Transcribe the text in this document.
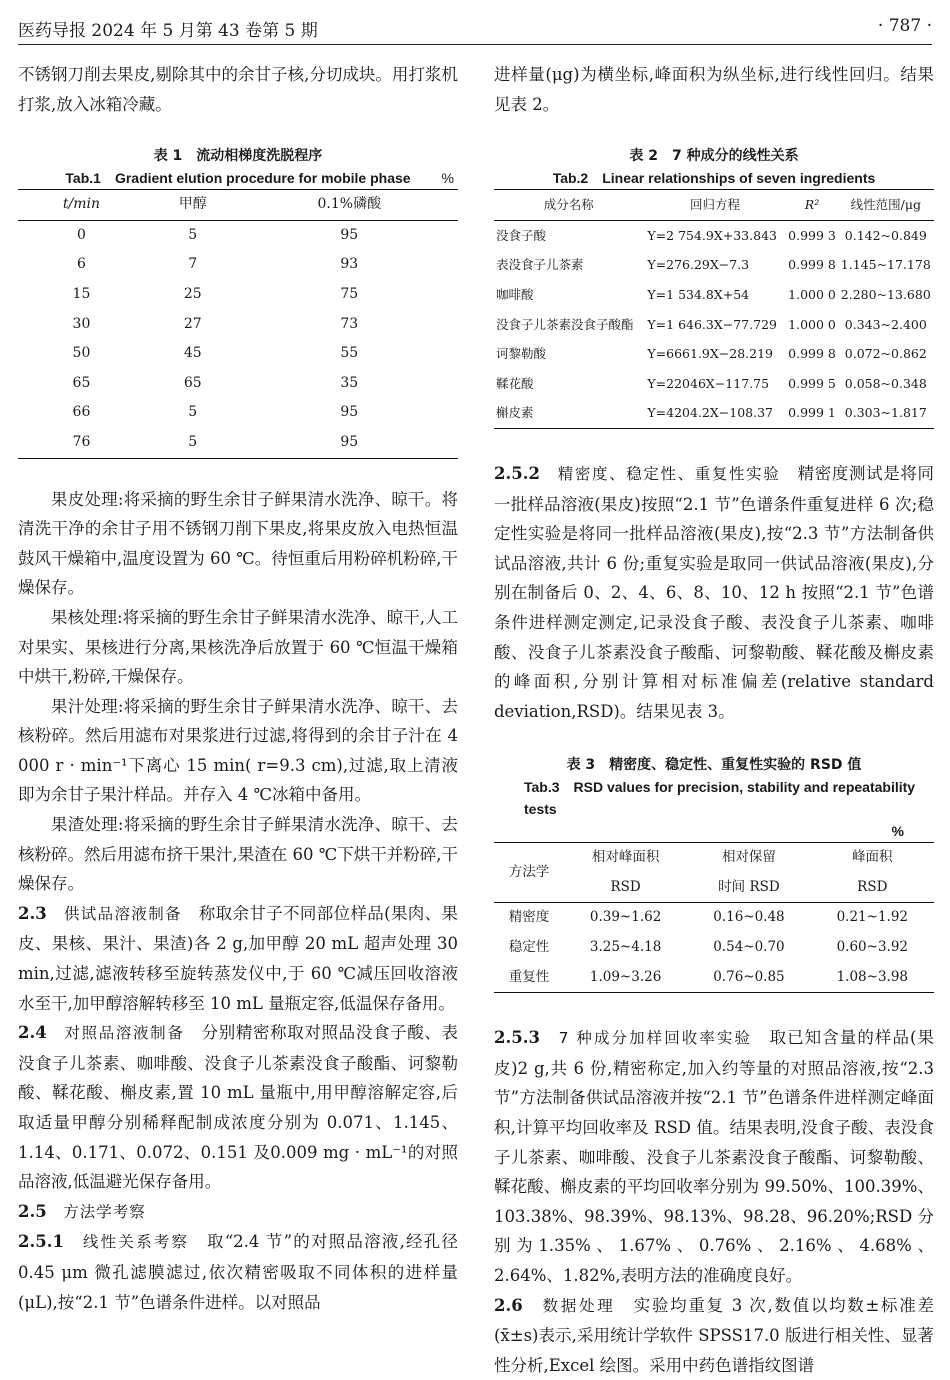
医药导报 2024 年 5 月第 43 卷第 5 期	· 787 ·

不锈钢刀削去果皮,剔除其中的余甘子核,分切成块。用打浆机打浆,放入冰箱冷藏。

表 1　流动相梯度洗脱程序
Tab.1　Gradient elution procedure for mobile phase %
t/min	甲醇	0.1%磷酸
0	5	95
6	7	93
15	25	75
30	27	73
50	45	55
65	65	35
66	5	95
76	5	95

果皮处理:将采摘的野生余甘子鲜果清水洗净、晾干。将清洗干净的余甘子用不锈钢刀削下果皮,将果皮放入电热恒温鼓风干燥箱中,温度设置为 60 ℃。待恒重后用粉碎机粉碎,干燥保存。

果核处理:将采摘的野生余甘子鲜果清水洗净、晾干,人工对果实、果核进行分离,果核洗净后放置于 60 ℃恒温干燥箱中烘干,粉碎,干燥保存。

果汁处理:将采摘的野生余甘子鲜果清水洗净、晾干、去核粉碎。然后用滤布对果浆进行过滤,将得到的余甘子汁在 4 000 r · min⁻¹下离心 15 min( r=9.3 cm),过滤,取上清液即为余甘子果汁样品。并存入 4 ℃冰箱中备用。

果渣处理:将采摘的野生余甘子鲜果清水洗净、晾干、去核粉碎。然后用滤布挤干果汁,果渣在 60 ℃下烘干并粉碎,干燥保存。

2.3　 供试品溶液制备　 称取余甘子不同部位样品(果肉、果皮、果核、果汁、果渣)各 2 g,加甲醇 20 mL 超声处理 30 min,过滤,滤液转移至旋转蒸发仪中,于 60 ℃减压回收溶液水至干,加甲醇溶解转移至 10 mL 量瓶定容,低温保存备用。

2.4　 对照品溶液制备　 分别精密称取对照品没食子酸、表没食子儿茶素、咖啡酸、没食子儿茶素没食子酸酯、诃黎勒酸、鞣花酸、槲皮素,置 10 mL 量瓶中,用甲醇溶解定容,后取适量甲醇分别稀释配制成浓度分别为 0.071、1.145、1.14、0.171、0.072、0.151 及0.009 mg · mL⁻¹的对照品溶液,低温避光保存备用。

2.5　 方法学考察

2.5.1　 线性关系考察　 取“2.4 节”的对照品溶液,经孔径 0.45 μm 微孔滤膜滤过,依次精密吸取不同体积的进样量(μL),按“2.1 节”色谱条件进样。以对照品

进样量(μg)为横坐标,峰面积为纵坐标,进行线性回归。结果见表 2。

表 2　7 种成分的线性关系
Tab.2　Linear relationships of seven ingredients
成分名称	回归方程	R²	线性范围/μg
没食子酸	Y=2 754.9X+33.843	0.999 3	0.142~0.849
表没食子儿茶素	Y=276.29X−7.3	0.999 8	1.145~17.178
咖啡酸	Y=1 534.8X+54	1.000 0	2.280~13.680
没食子儿茶素没食子酸酯	Y=1 646.3X−77.729	1.000 0	0.343~2.400
诃黎勒酸	Y=6661.9X−28.219	0.999 8	0.072~0.862
鞣花酸	Y=22046X−117.75	0.999 5	0.058~0.348
槲皮素	Y=4204.2X−108.37	0.999 1	0.303~1.817

2.5.2　 精密度、稳定性、重复性实验　 精密度测试是将同一批样品溶液(果皮)按照“2.1 节”色谱条件重复进样 6 次;稳定性实验是将同一批样品溶液(果皮),按“2.3 节”方法制备供试品溶液,共计 6 份;重复实验是取同一供试品溶液(果皮),分别在制备后 0、2、4、6、8、10、12 h 按照“2.1 节”色谱条件进样测定测定,记录没食子酸、表没食子儿茶素、咖啡酸、没食子儿茶素没食子酸酯、诃黎勒酸、鞣花酸及槲皮素的峰面积,分别计算相对标准偏差(relative standard deviation,RSD)。结果见表 3。

表 3　精密度、稳定性、重复性实验的 RSD 值
Tab.3　RSD values for precision, stability and repeatability tests
%
方法学	相对峰面积	相对保留	峰面积
	RSD	时间 RSD	RSD
精密度	0.39~1.62	0.16~0.48	0.21~1.92
稳定性	3.25~4.18	0.54~0.70	0.60~3.92
重复性	1.09~3.26	0.76~0.85	1.08~3.98

2.5.3　 7 种成分加样回收率实验　 取已知含量的样品(果皮)2 g,共 6 份,精密称定,加入约等量的对照品溶液,按“2.3 节”方法制备供试品溶液并按“2.1 节”色谱条件进样测定峰面积,计算平均回收率及 RSD 值。结果表明,没食子酸、表没食子儿茶素、咖啡酸、没食子儿茶素没食子酸酯、诃黎勒酸、鞣花酸、槲皮素的平均回收率分别为 99.50%、100.39%、103.38%、98.39%、98.13%、98.28、96.20%;RSD 分别为1.35%、1.67%、0.76%、2.16%、4.68%、2.64%、1.82%,表明方法的准确度良好。

2.6　 数据处理　 实验均重复 3 次,数值以均数±标准差(x̄±s)表示,采用统计学软件 SPSS17.0 版进行相关性、显著性分析,Excel 绘图。采用中药色谱指纹图谱
